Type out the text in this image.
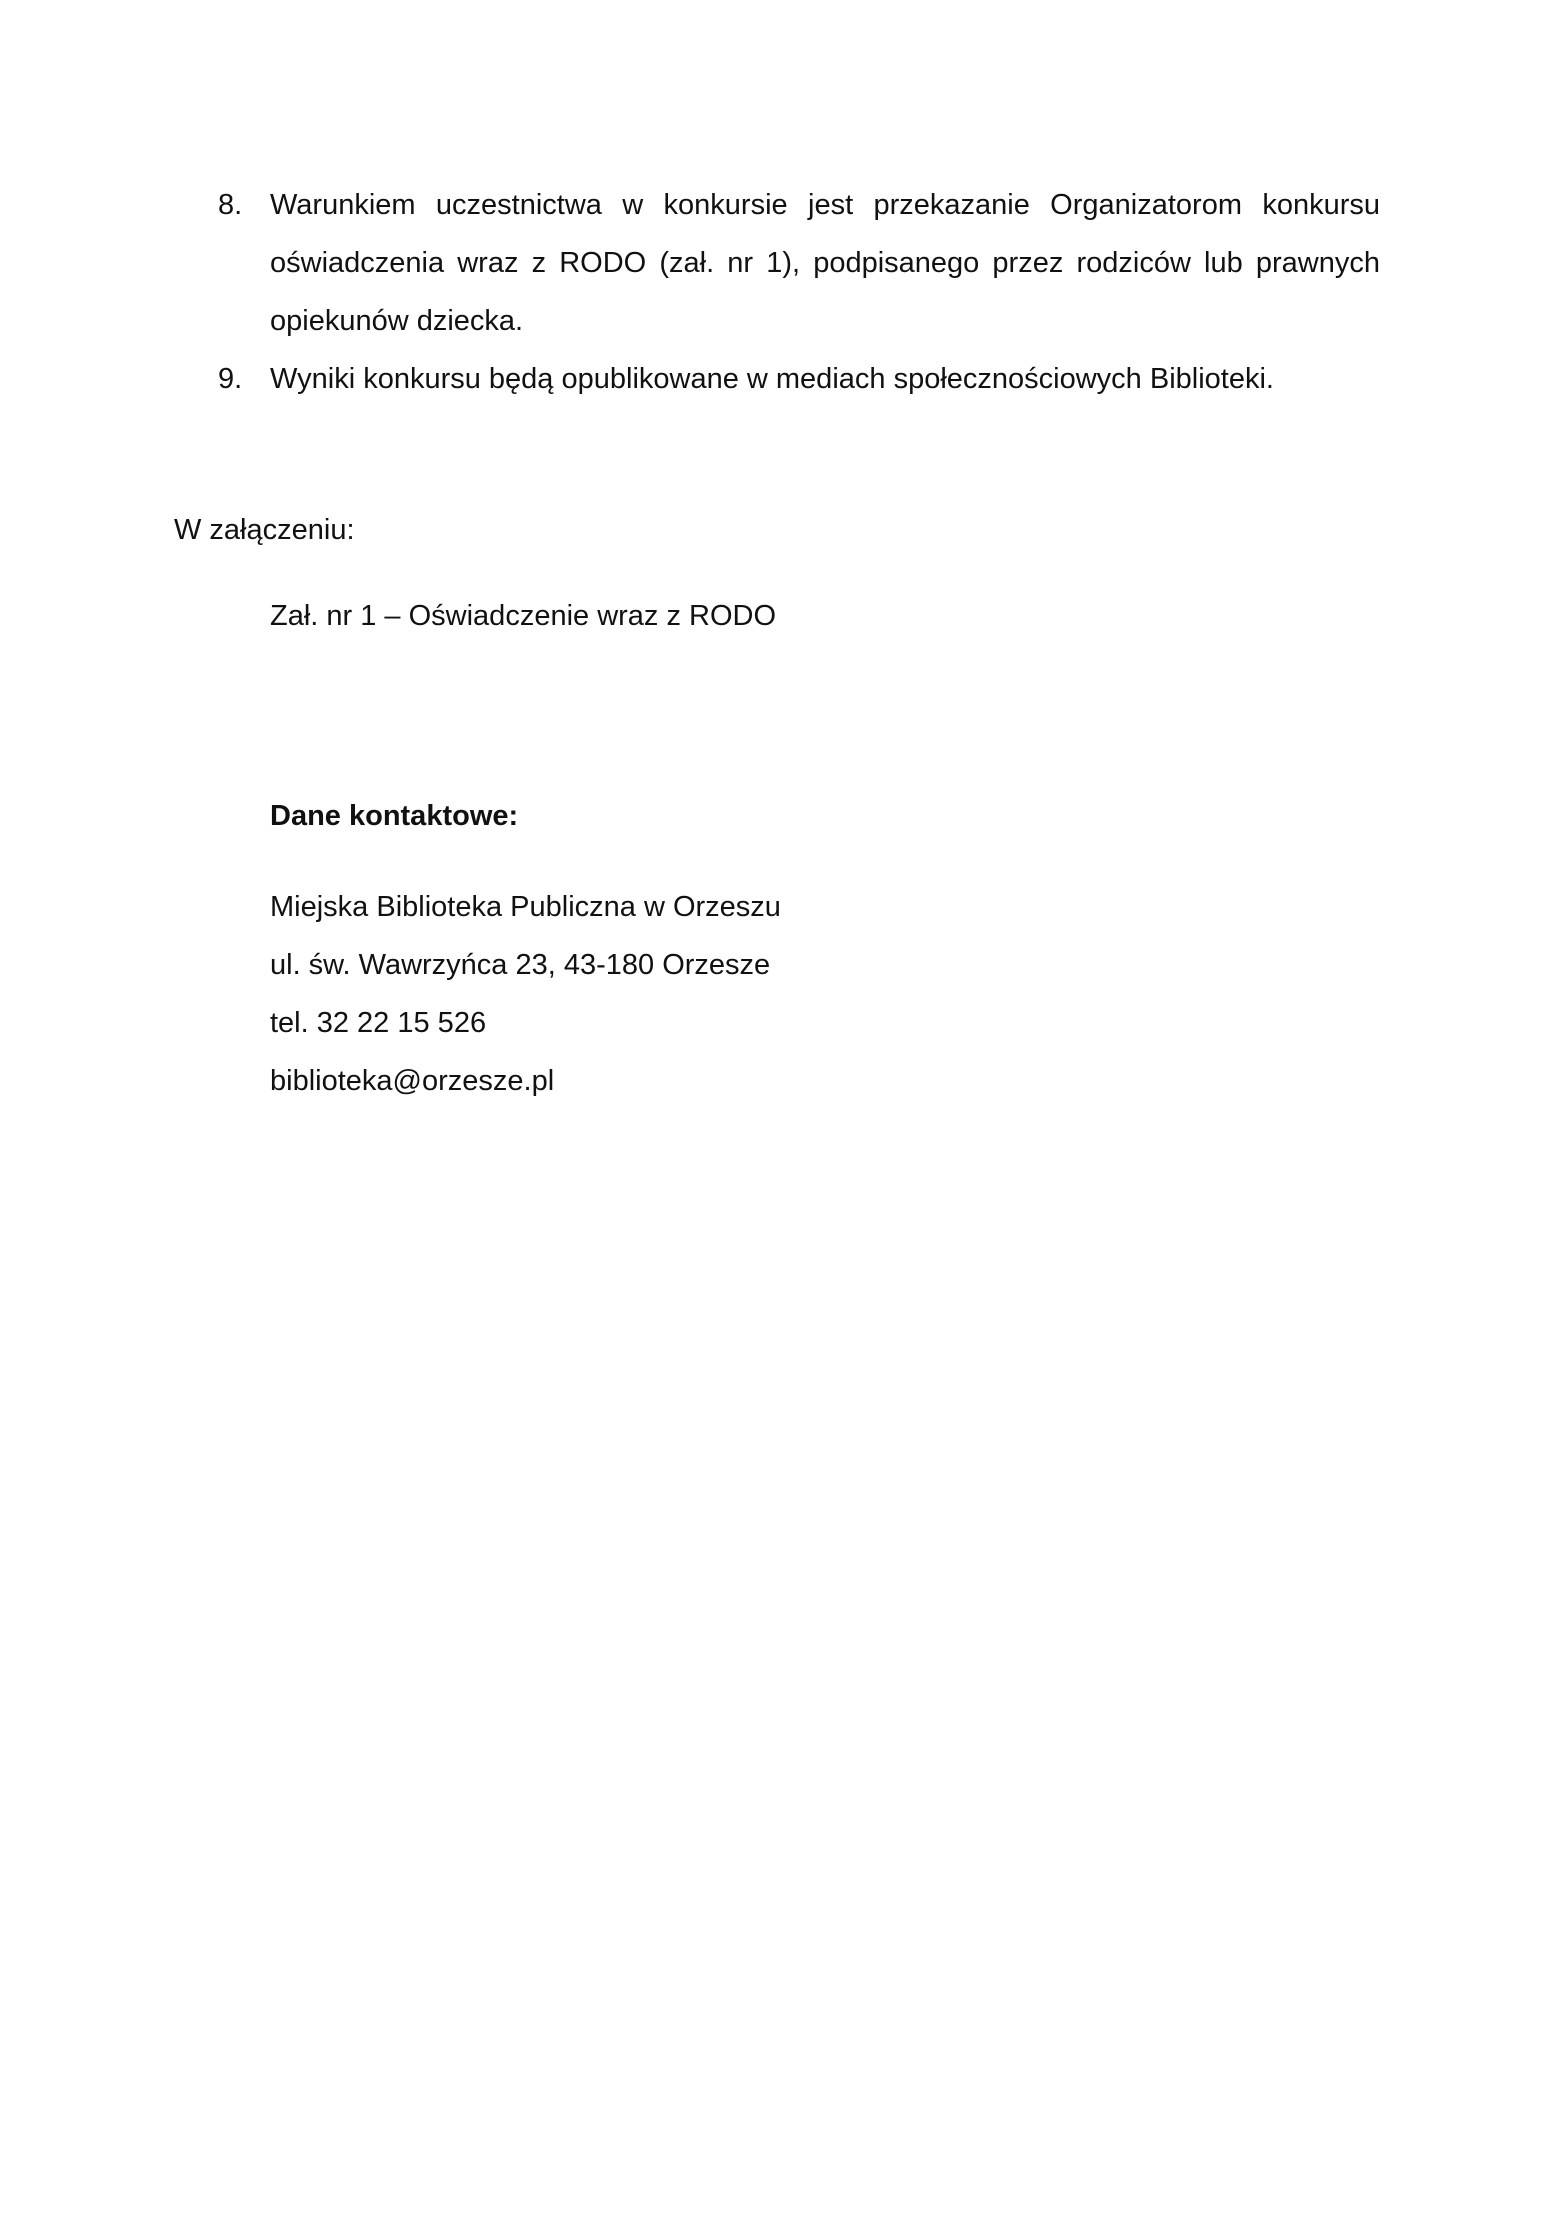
8. Warunkiem uczestnictwa w konkursie jest przekazanie Organizatorom konkursu oświadczenia wraz z RODO (zał. nr 1), podpisanego przez rodziców lub prawnych opiekunów dziecka.
9. Wyniki konkursu będą opublikowane w mediach społecznościowych Biblioteki.
W załączeniu:
Zał. nr 1 – Oświadczenie wraz z RODO
Dane kontaktowe:
Miejska Biblioteka Publiczna w Orzeszu
ul. św. Wawrzyńca 23, 43-180 Orzesze
tel. 32 22 15 526
biblioteka@orzesze.pl
